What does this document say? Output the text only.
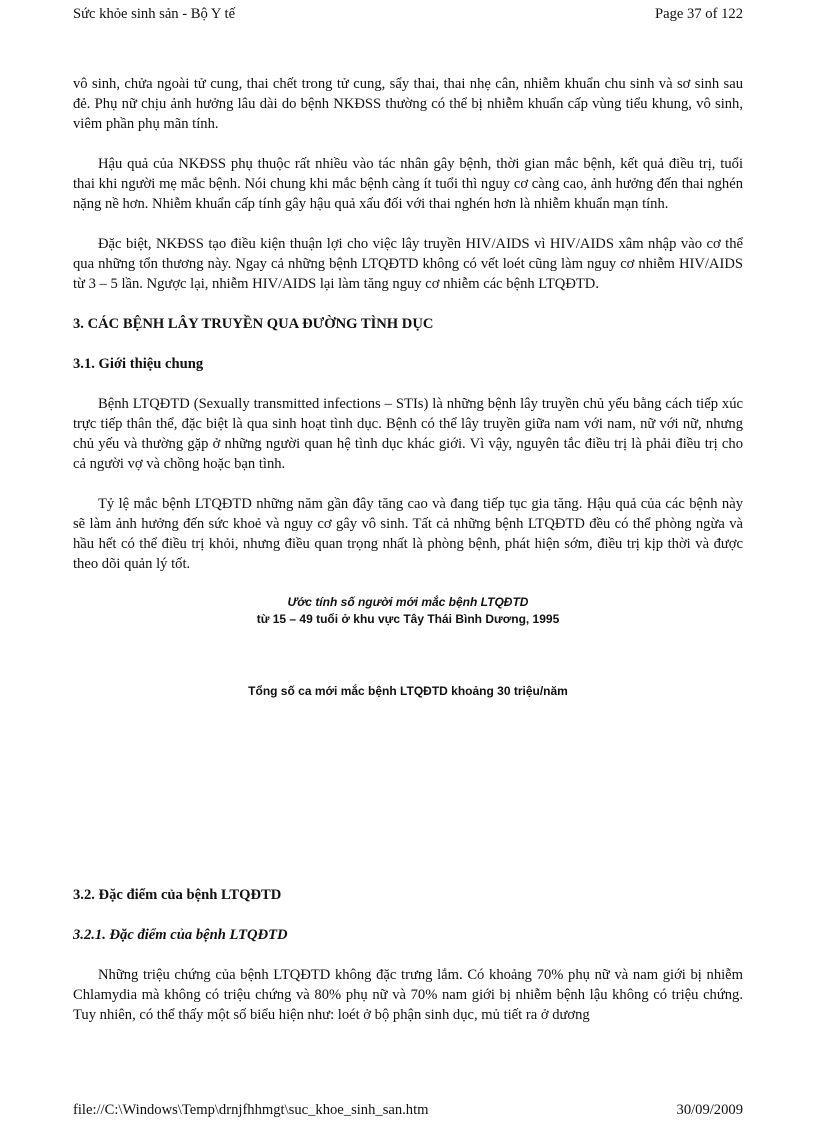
Sức khỏe sinh sản - Bộ Y tế	Page 37 of 122

vô sinh, chửa ngoài tử cung, thai chết trong tử cung, sẩy thai, thai nhẹ cân, nhiễm khuẩn chu sinh và sơ sinh sau đẻ. Phụ nữ chịu ảnh hưởng lâu dài do bệnh NKĐSS thường có thể bị nhiễm khuẩn cấp vùng tiểu khung, vô sinh, viêm phần phụ mãn tính.

Hậu quả của NKĐSS phụ thuộc rất nhiều vào tác nhân gây bệnh, thời gian mắc bệnh, kết quả điều trị, tuổi thai khi người mẹ mắc bệnh. Nói chung khi mắc bệnh càng ít tuổi thì nguy cơ càng cao, ảnh hưởng đến thai nghén nặng nề hơn. Nhiễm khuẩn cấp tính gây hậu quả xấu đối với thai nghén hơn là nhiễm khuẩn mạn tính.

Đặc biệt, NKĐSS tạo điều kiện thuận lợi cho việc lây truyền HIV/AIDS vì HIV/AIDS xâm nhập vào cơ thể qua những tổn thương này. Ngay cả những bệnh LTQĐTD không có vết loét cũng làm nguy cơ nhiễm HIV/AIDS từ 3 – 5 lần. Ngược lại, nhiễm HIV/AIDS lại làm tăng nguy cơ nhiễm các bệnh LTQĐTD.

3. CÁC BỆNH LÂY TRUYỀN QUA ĐƯỜNG TÌNH DỤC
3.1. Giới thiệu chung

Bệnh LTQĐTD (Sexually transmitted infections – STIs) là những bệnh lây truyền chủ yếu bằng cách tiếp xúc trực tiếp thân thể, đặc biệt là qua sinh hoạt tình dục. Bệnh có thể lây truyền giữa nam với nam, nữ với nữ, nhưng chủ yếu và thường gặp ở những người quan hệ tình dục khác giới. Vì vậy, nguyên tắc điều trị là phải điều trị cho cả người vợ và chồng hoặc bạn tình.

Tỷ lệ mắc bệnh LTQĐTD những năm gần đây tăng cao và đang tiếp tục gia tăng. Hậu quả của các bệnh này sẽ làm ảnh hưởng đến sức khoẻ và nguy cơ gây vô sinh. Tất cả những bệnh LTQĐTD đều có thể phòng ngừa và hầu hết có thể điều trị khỏi, nhưng điều quan trọng nhất là phòng bệnh, phát hiện sớm, điều trị kịp thời và được theo dõi quản lý tốt.

Ước tính số người mới mắc bệnh LTQĐTD
từ 15 – 49 tuổi ở khu vực Tây Thái Bình Dương, 1995
Tổng số ca mới mắc bệnh LTQĐTD khoảng 30 triệu/năm
3.2. Đặc điểm của bệnh LTQĐTD
3.2.1. Đặc điểm của bệnh LTQĐTD

Những triệu chứng của bệnh LTQĐTD không đặc trưng lắm. Có khoảng 70% phụ nữ và nam giới bị nhiễm Chlamydia mà không có triệu chứng và 80% phụ nữ và 70% nam giới bị nhiễm bệnh lậu không có triệu chứng. Tuy nhiên, có thể thấy một số biểu hiện như: loét ở bộ phận sinh dục, mủ tiết ra ở dương

file://C:\Windows\Temp\drnjfhhmgt\suc_khoe_sinh_san.htm	30/09/2009
